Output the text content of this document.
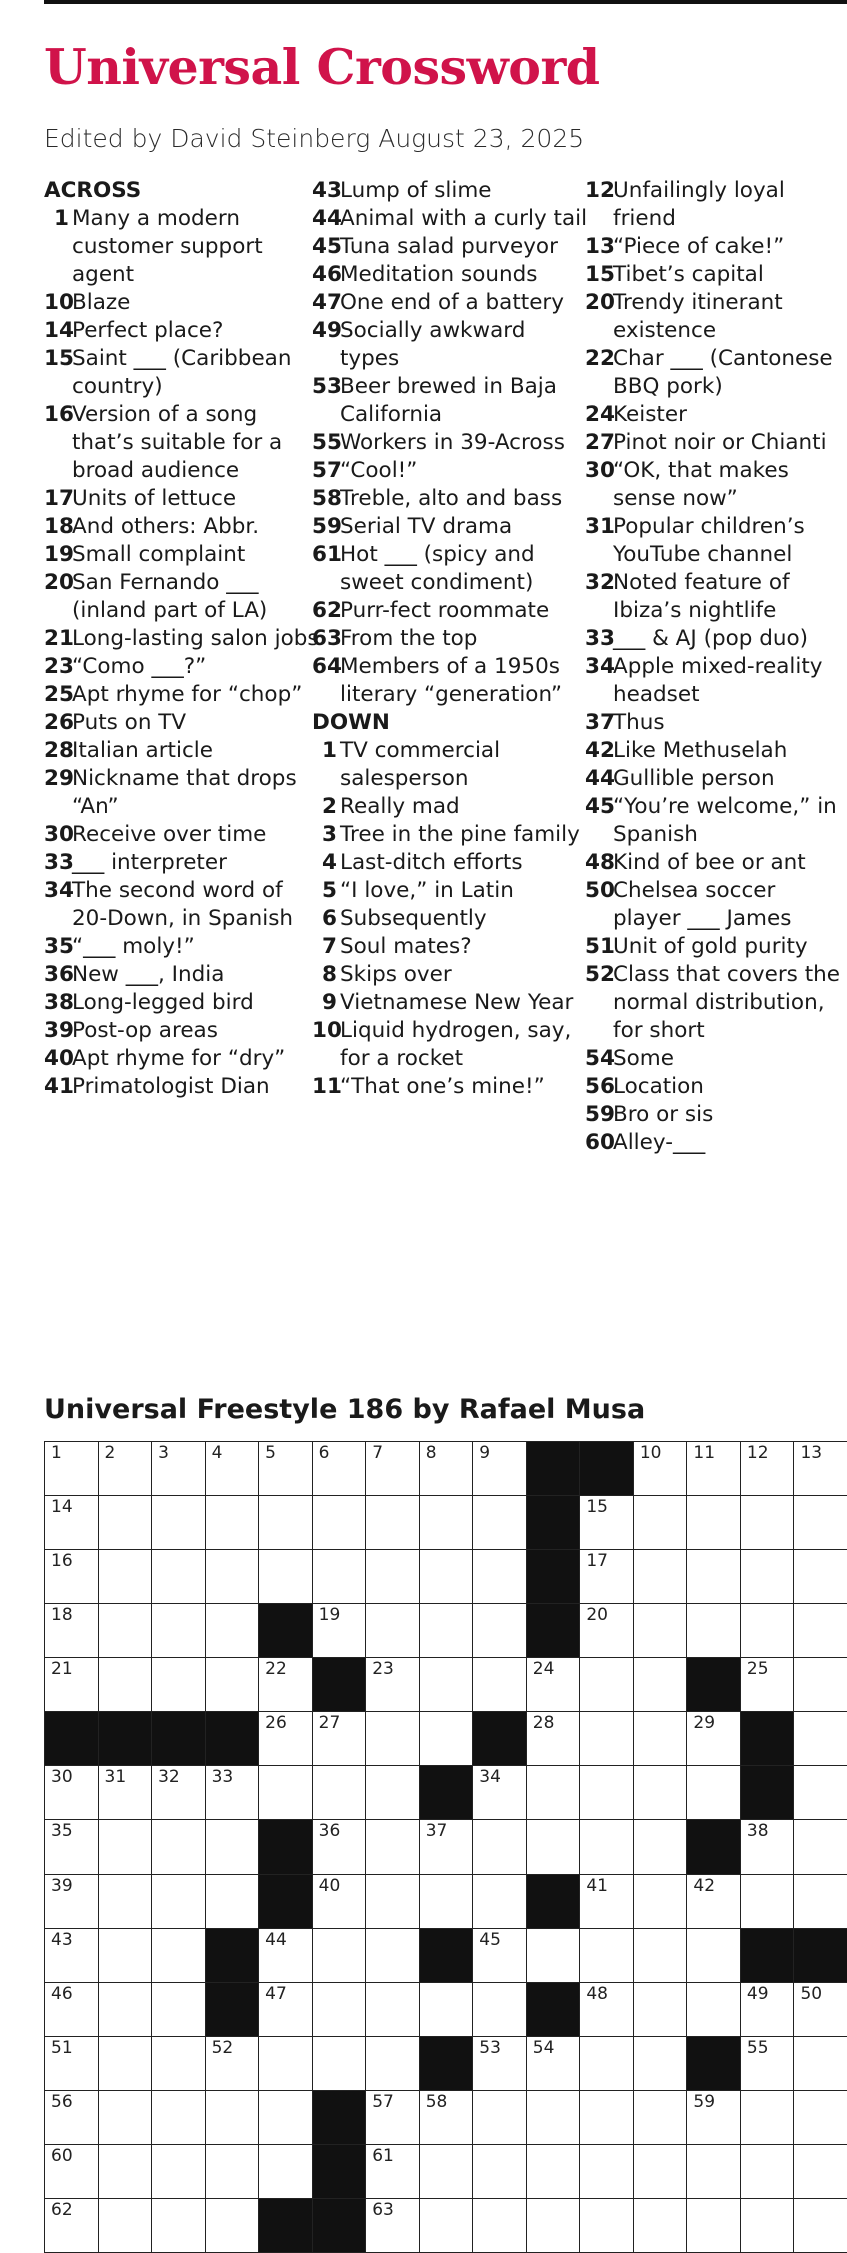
Universal Crossword

Edited by David Steinberg August 23, 2025

ACROSS
1 Many a modern customer support agent
10Blaze
14Perfect place?
15Saint ___ (Caribbean country)
16Version of a song that’s suitable for a broad audience
17Units of lettuce
18And others: Abbr.
19Small complaint
20San Fernando ___ (inland part of LA)
21Long-lasting salon jobs
23“Como ___?”
25Apt rhyme for “chop”
26Puts on TV
28Italian article
29Nickname that drops “An”
30Receive over time
33___ interpreter
34The second word of 20-Down, in Spanish
35“___ moly!”
36New ___, India
38Long-legged bird
39Post-op areas
40Apt rhyme for “dry”
41Primatologist Dian
43Lump of slime
44Animal with a curly tail
45Tuna salad purveyor
46Meditation sounds
47One end of a battery
49Socially awkward types
53Beer brewed in Baja California
55Workers in 39-Across
57“Cool!”
58Treble, alto and bass
59Serial TV drama
61Hot ___ (spicy and sweet condiment)
62Purr-fect roommate
63From the top
64Members of a 1950s literary “generation”
DOWN
1 TV commercial salesperson
2 Really mad
3 Tree in the pine family
4 Last-ditch efforts
5 “I love,” in Latin
6 Subsequently
7 Soul mates?
8 Skips over
9 Vietnamese New Year
10Liquid hydrogen, say, for a rocket
11“That one’s mine!”
12Unfailingly loyal friend
13“Piece of cake!”
15Tibet’s capital
20Trendy itinerant existence
22Char ___ (Cantonese BBQ pork)
24Keister
27Pinot noir or Chianti
30“OK, that makes sense now”
31Popular children’s YouTube channel
32Noted feature of Ibiza’s nightlife
33___ & AJ (pop duo)
34Apple mixed-reality headset
37Thus
42Like Methuselah
44Gullible person
45“You’re welcome,” in Spanish
48Kind of bee or ant
50Chelsea soccer player ___ James
51Unit of gold purity
52Class that covers the normal distribution, for short
54Some
56Location
59Bro or sis
60Alley-___
Universal Freestyle 186 by Rafael Musa
1	2	3	4	5	6	7	8	9	10 11 12 13
14	15
16	17
18	19	20
21	22	23	24	25
26 27	28	29
30 31 32 33	34
35	36	37	38
39	40	41	42
43	44	45
46	47	48	49 50
51	52	53 54	55
56	57 58	59
60	61
62	63
